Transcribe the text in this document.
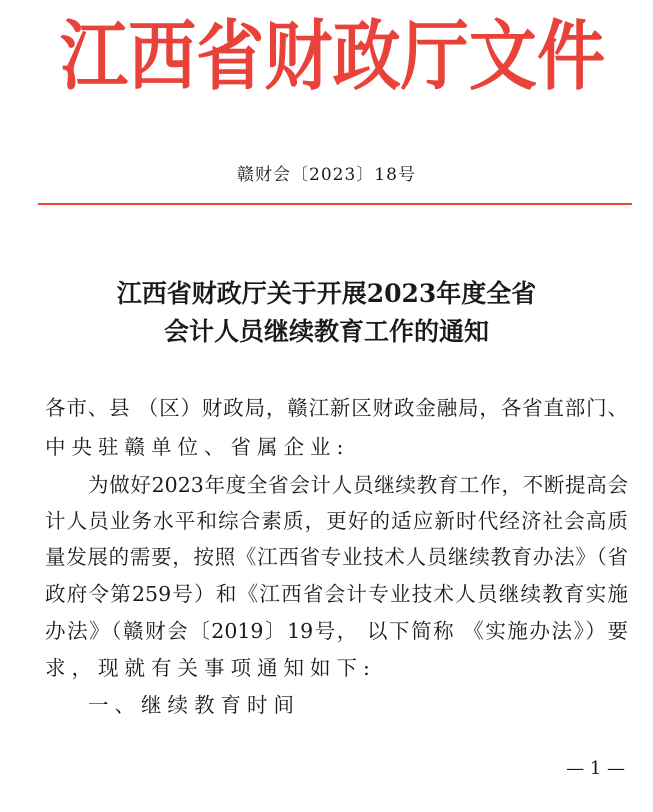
江 西 省 财 政 厅 文 件
赣财会〔2023〕18号
江西省财政厅关于开展2023年度全省
会计人员继续教育工作的通知
各市、县 （区）财政局，赣江新区财政金融局，各省直部门、
中央驻赣单位、省属企业:
为做好2023年度全省会计人员继续教育工作，不断提高会
计人员业务水平和综合素质，更好的适应新时代经济社会高质
量发展的需要，按照《江西省专业技术人员继续教育办法》（省
政府令第259号）和《江西省会计专业技术人员继续教育实施
办法》（赣财会〔2019〕19号， 以下简称 《实施办法》）要
求，现就有关事项通知如下:
一、继续教育时间
— 1 —
